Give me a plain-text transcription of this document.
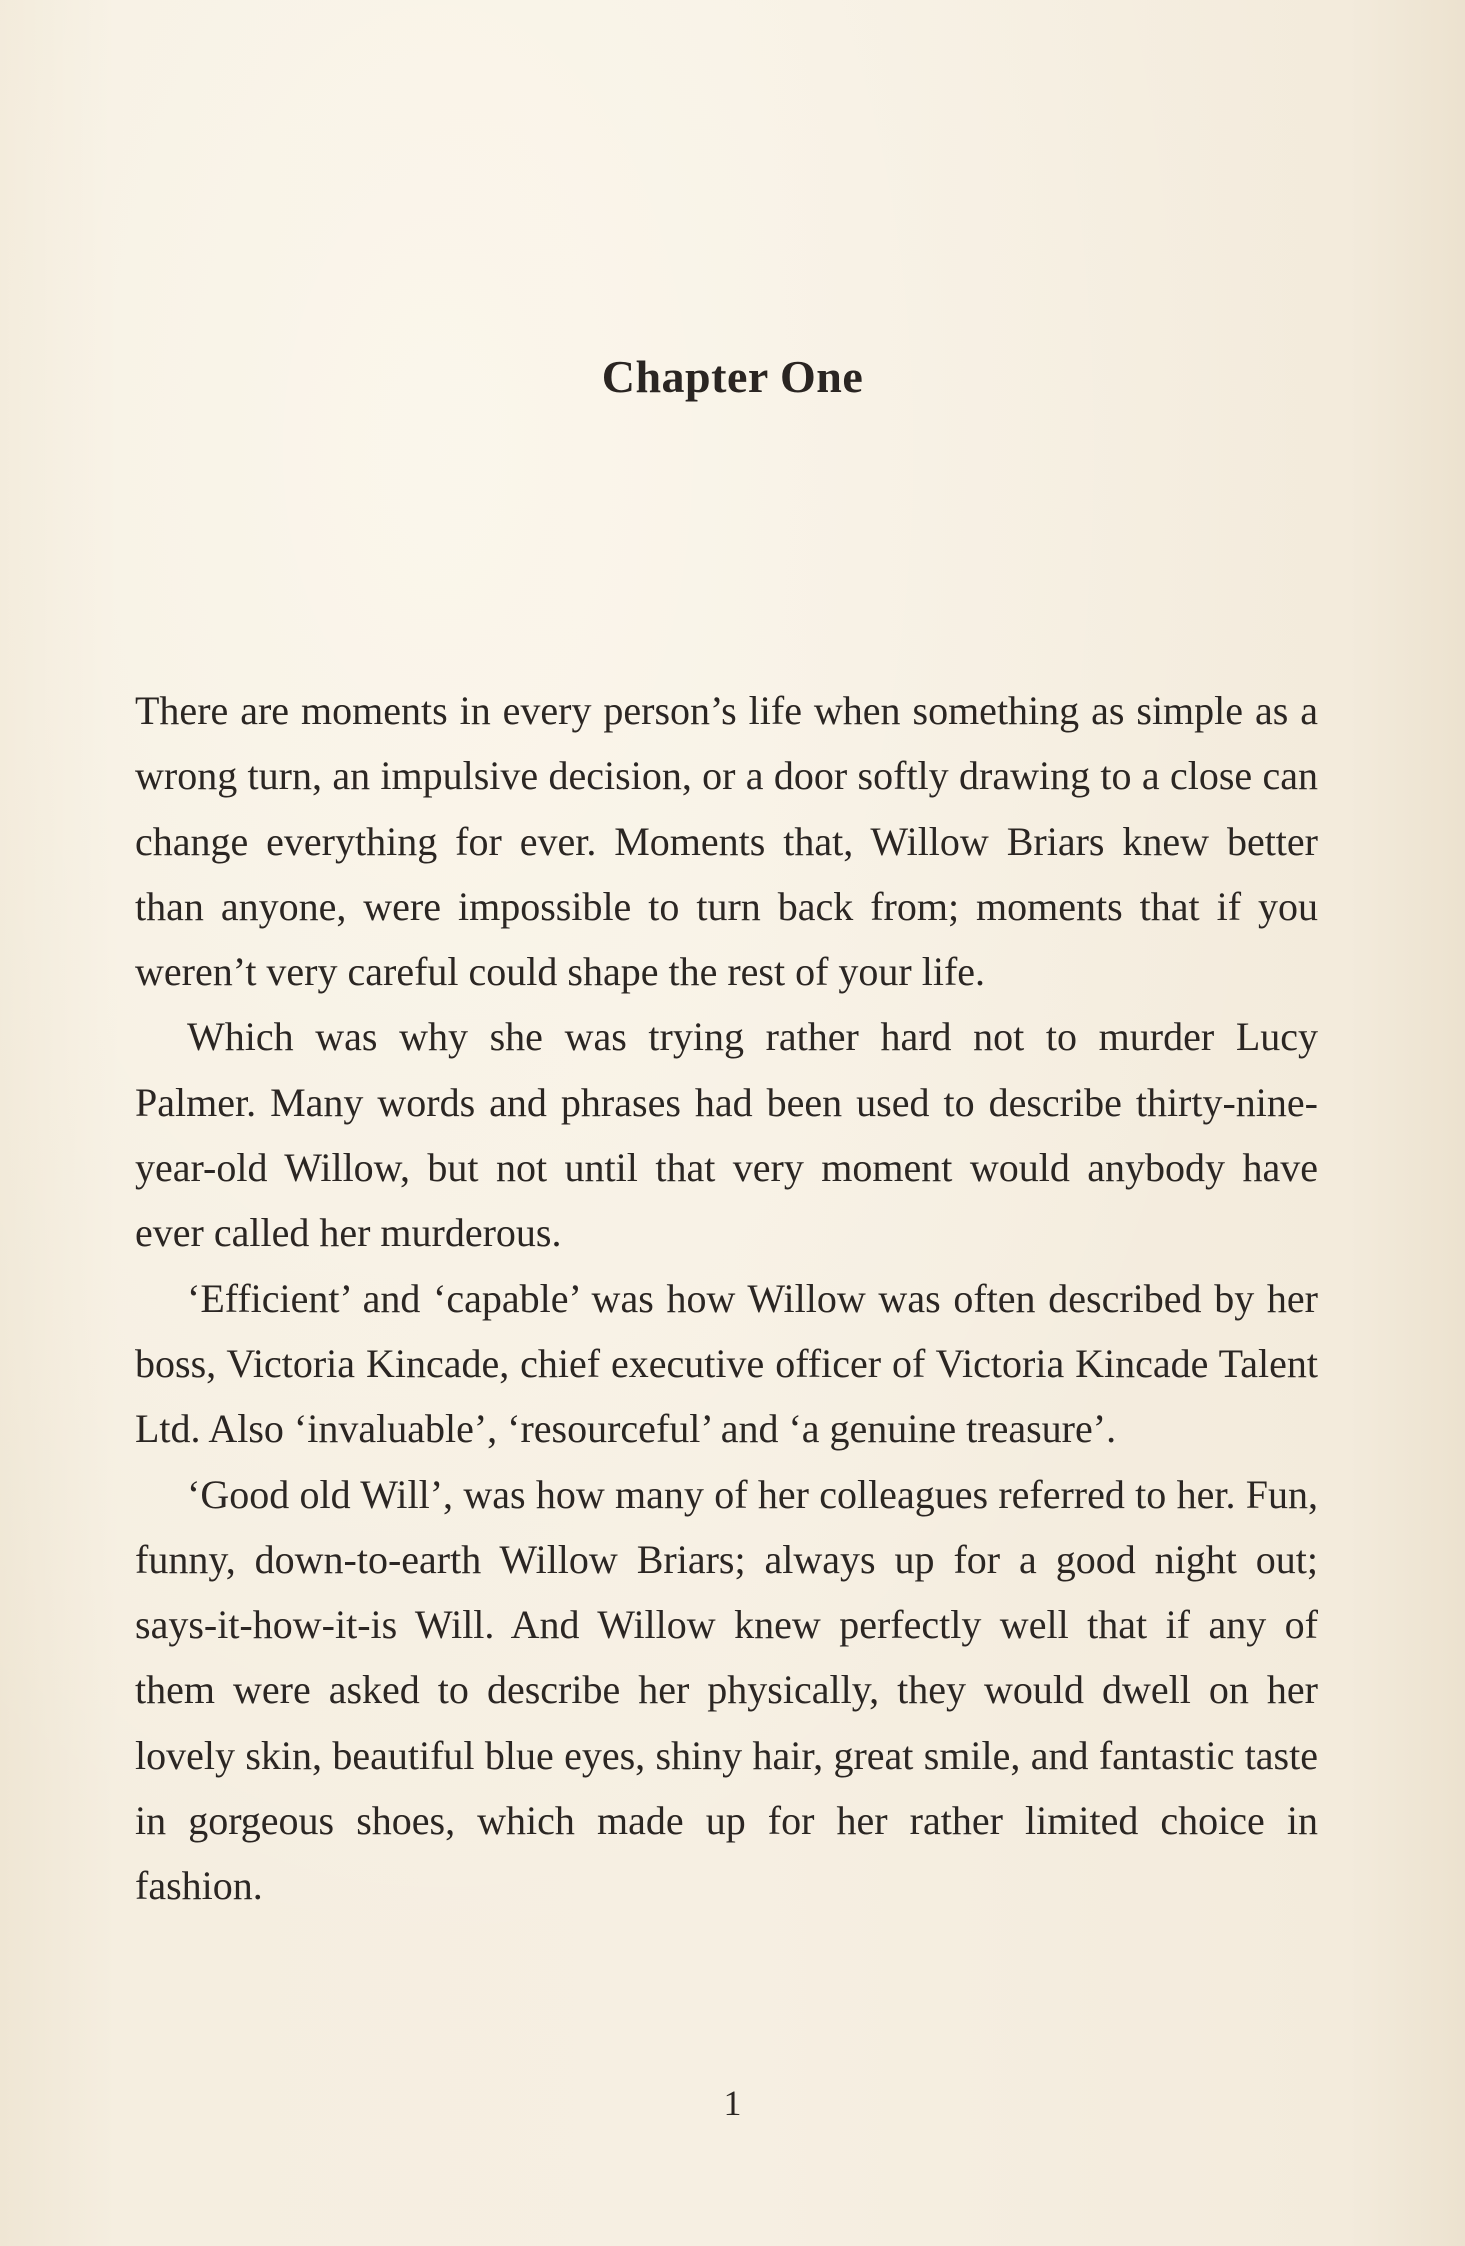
Chapter One

There are moments in every person’s life when something as simple as a wrong turn, an impulsive decision, or a door softly drawing to a close can change everything for ever. Moments that, Willow Briars knew better than anyone, were impossible to turn back from; moments that if you weren’t very careful could shape the rest of your life.

Which was why she was trying rather hard not to murder Lucy Palmer. Many words and phrases had been used to describe thirty-nine-year-old Willow, but not until that very moment would anybody have ever called her murderous.

‘Efficient’ and ‘capable’ was how Willow was often described by her boss, Victoria Kincade, chief executive officer of Victoria Kincade Talent Ltd. Also ‘invaluable’, ‘resourceful’ and ‘a genuine treasure’.

‘Good old Will’, was how many of her colleagues referred to her. Fun, funny, down-to-earth Willow Briars; always up for a good night out; says-it-how-it-is Will. And Willow knew perfectly well that if any of them were asked to describe her physically, they would dwell on her lovely skin, beautiful blue eyes, shiny hair, great smile, and fantastic taste in gorgeous shoes, which made up for her rather limited choice in fashion.

1
